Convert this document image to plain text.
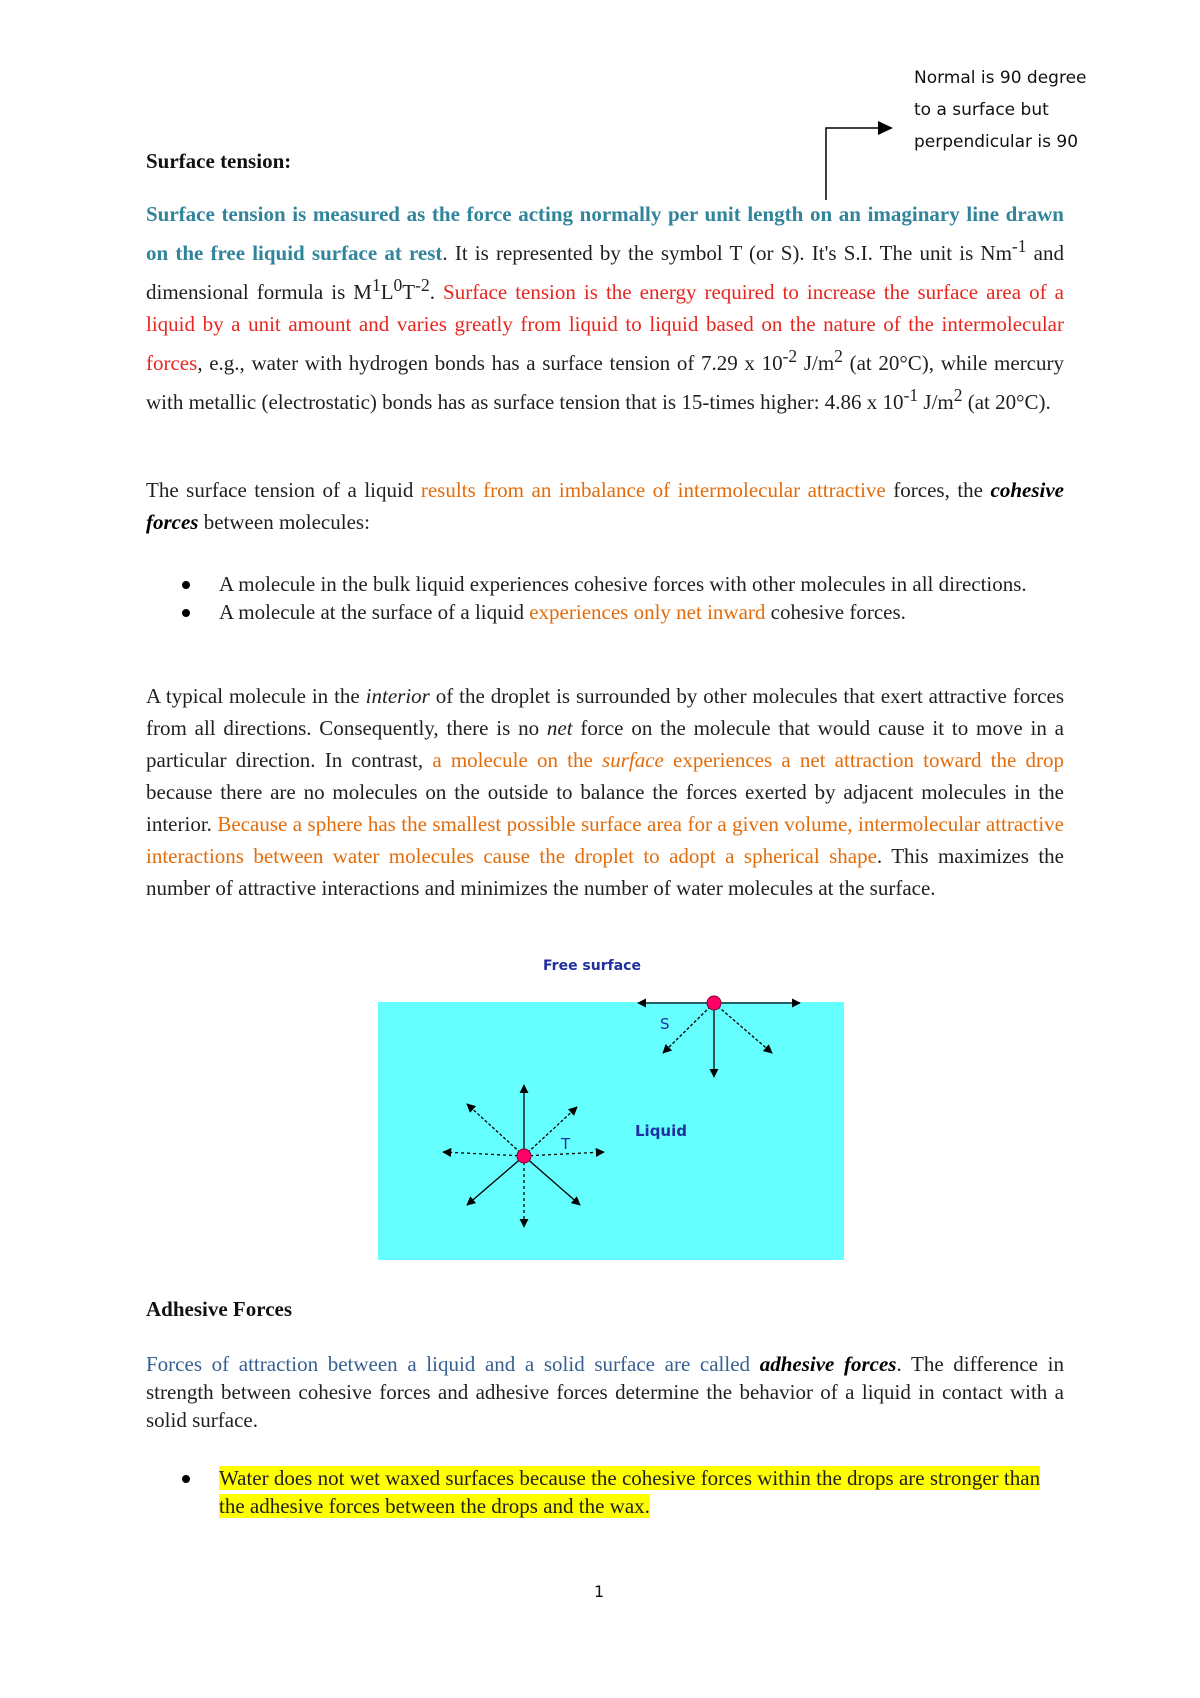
Normal is 90 degree
to a surface but
perpendicular is 90
Surface tension:
Surface tension is measured as the force acting normally per unit length on an imaginary line drawn on the free liquid surface at rest. It is represented by the symbol T (or S). It's S.I. The unit is $Nm^{-1}$ and dimensional formula is $M^1L^0T^{-2}$. Surface tension is the energy required to increase the surface area of a liquid by a unit amount and varies greatly from liquid to liquid based on the nature of the intermolecular forces, e.g., water with hydrogen bonds has a surface tension of 7.29 x $10^{-2}$ $J/m^2$ (at 20°C), while mercury with metallic (electrostatic) bonds has as surface tension that is 15-times higher: 4.86 x $10^{-1}$ $J/m^2$ (at 20°C).
The surface tension of a liquid results from an imbalance of intermolecular attractive forces, the cohesive forces between molecules:
A molecule in the bulk liquid experiences cohesive forces with other molecules in all directions.
A molecule at the surface of a liquid experiences only net inward cohesive forces.
A typical molecule in the interior of the droplet is surrounded by other molecules that exert attractive forces from all directions. Consequently, there is no net force on the molecule that would cause it to move in a particular direction. In contrast, a molecule on the surface experiences a net attraction toward the drop because there are no molecules on the outside to balance the forces exerted by adjacent molecules in the interior. Because a sphere has the smallest possible surface area for a given volume, intermolecular attractive interactions between water molecules cause the droplet to adopt a spherical shape. This maximizes the number of attractive interactions and minimizes the number of water molecules at the surface.
Free surface
S
T
Liquid
Adhesive Forces
Forces of attraction between a liquid and a solid surface are called adhesive forces. The difference in strength between cohesive forces and adhesive forces determine the behavior of a liquid in contact with a solid surface.
Water does not wet waxed surfaces because the cohesive forces within the drops are stronger than the adhesive forces between the drops and the wax.
1
